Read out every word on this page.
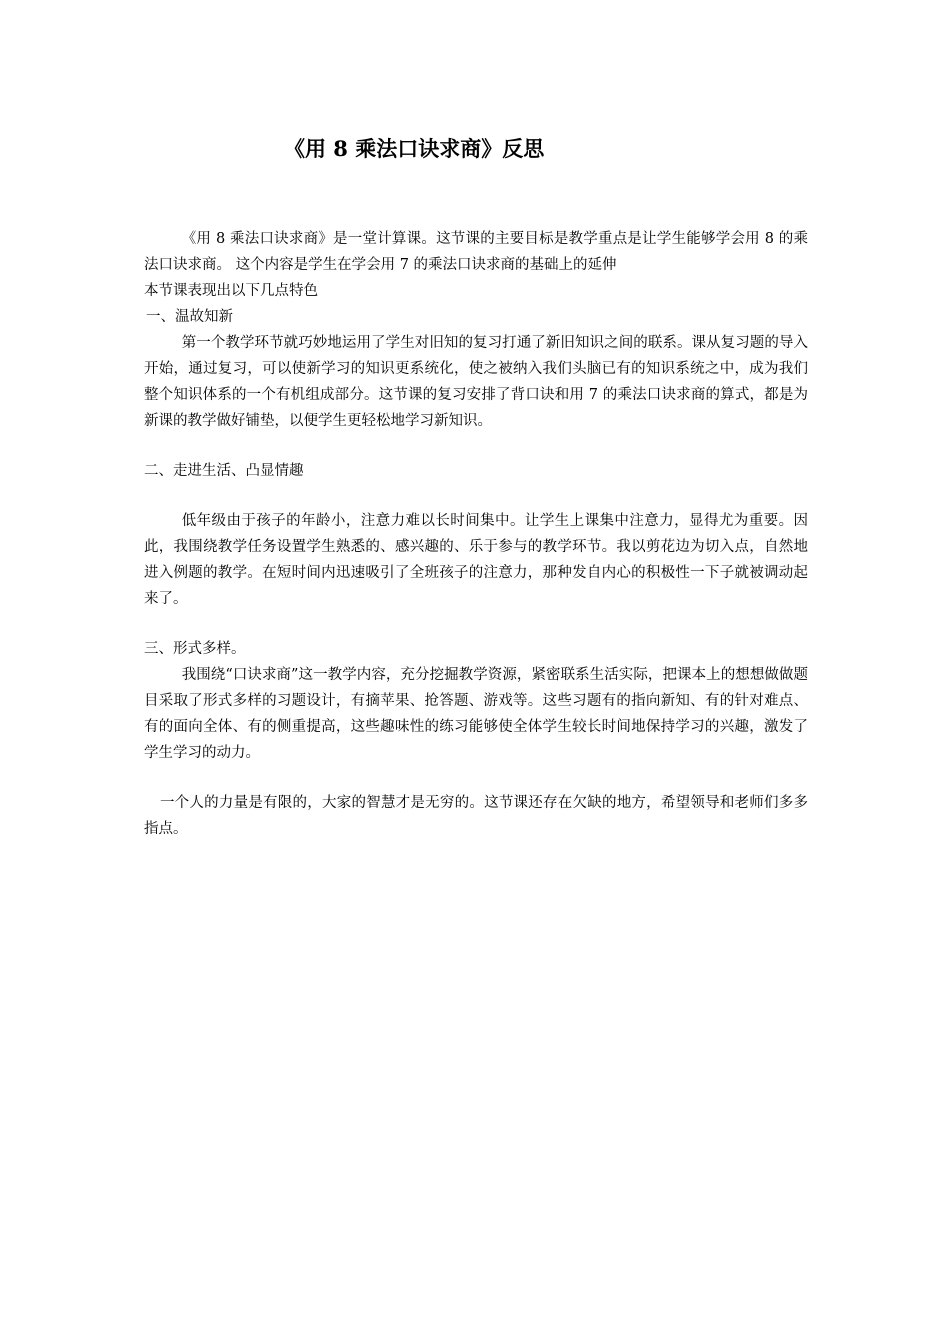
《用 8 乘法口诀求商》反思

《用 8 乘法口诀求商》是一堂计算课。这节课的主要目标是教学重点是让学生能够学会用 8 的乘法口诀求商。 这个内容是学生在学会用 7 的乘法口诀求商的基础上的延伸

本节课表现出以下几点特色

一、温故知新

第一个教学环节就巧妙地运用了学生对旧知的复习打通了新旧知识之间的联系。课从复习题的导入开始，通过复习，可以使新学习的知识更系统化，使之被纳入我们头脑已有的知识系统之中，成为我们整个知识体系的一个有机组成部分。这节课的复习安排了背口诀和用 7 的乘法口诀求商的算式，都是为新课的教学做好铺垫，以便学生更轻松地学习新知识。

二、走进生活、凸显情趣

低年级由于孩子的年龄小，注意力难以长时间集中。让学生上课集中注意力，显得尤为重要。因此，我围绕教学任务设置学生熟悉的、感兴趣的、乐于参与的教学环节。我以剪花边为切入点，自然地进入例题的教学。在短时间内迅速吸引了全班孩子的注意力，那种发自内心的积极性一下子就被调动起来了。

三、形式多样。

我围绕“口诀求商”这一教学内容，充分挖掘教学资源，紧密联系生活实际，把课本上的想想做做题目采取了形式多样的习题设计，有摘苹果、抢答题、游戏等。这些习题有的指向新知、有的针对难点、有的面向全体、有的侧重提高，这些趣味性的练习能够使全体学生较长时间地保持学习的兴趣，激发了学生学习的动力。

一个人的力量是有限的，大家的智慧才是无穷的。这节课还存在欠缺的地方，希望领导和老师们多多指点。
